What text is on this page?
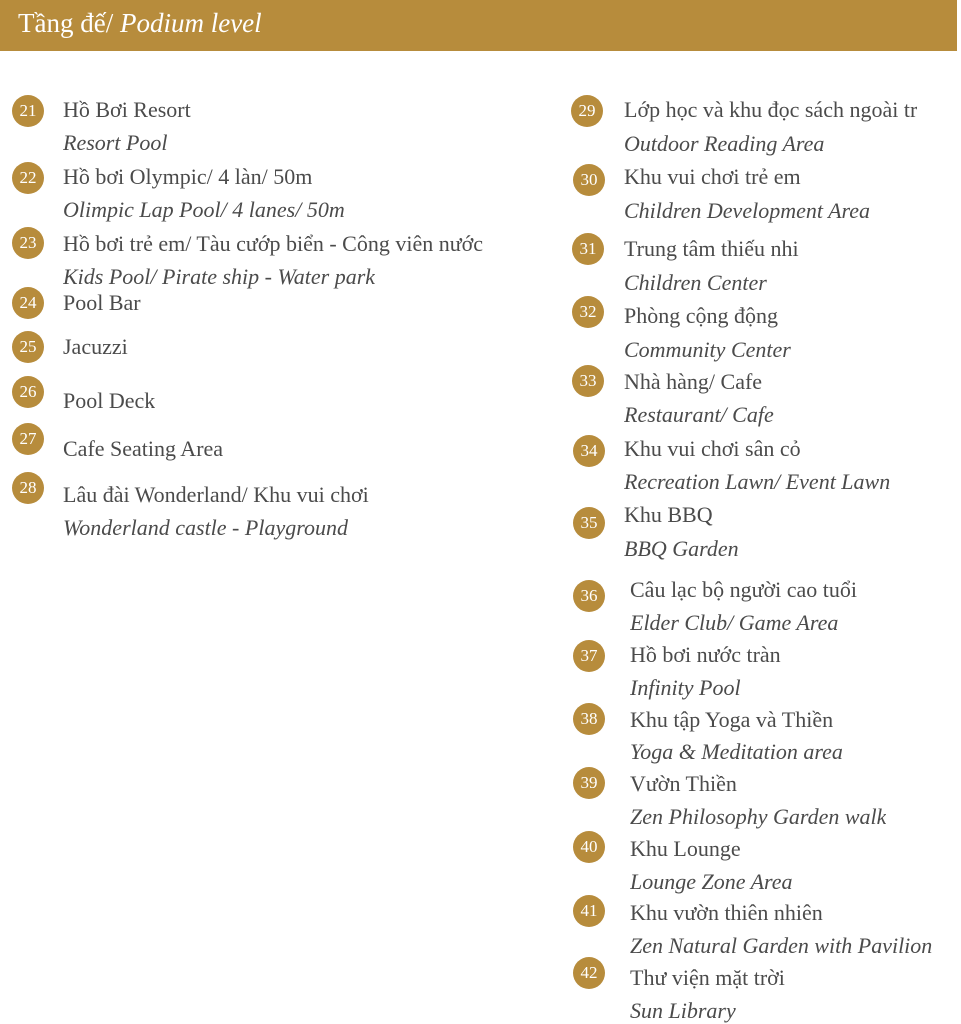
Tầng đế/ Podium level
21	Hồ Bơi Resort
Resort Pool
22	Hồ bơi Olympic/ 4 làn/ 50m
Olimpic Lap Pool/ 4 lanes/ 50m
23	Hồ bơi trẻ em/ Tàu cướp biển - Công viên nước
Kids Pool/ Pirate ship - Water park
24	Pool Bar
25	Jacuzzi
26	Pool Deck
27	Cafe Seating Area
28	Lâu đài Wonderland/ Khu vui chơi
Wonderland castle - Playground
29	Lớp học và khu đọc sách ngoài tr
Outdoor Reading Area
30	Khu vui chơi trẻ em
Children Development Area
31	Trung tâm thiếu nhi
Children Center
32	Phòng cộng động
Community Center
33	Nhà hàng/ Cafe
Restaurant/ Cafe
34	Khu vui chơi sân cỏ
Recreation Lawn/ Event Lawn
35	Khu BBQ
BBQ Garden
36	Câu lạc bộ người cao tuổi
Elder Club/ Game Area
37	Hồ bơi nước tràn
Infinity Pool
38	Khu tập Yoga và Thiền
Yoga & Meditation area
39	Vườn Thiền
Zen Philosophy Garden walk
40	Khu Lounge
Lounge Zone Area
41	Khu vườn thiên nhiên
Zen Natural Garden with Pavilion
42	Thư viện mặt trời
Sun Library
